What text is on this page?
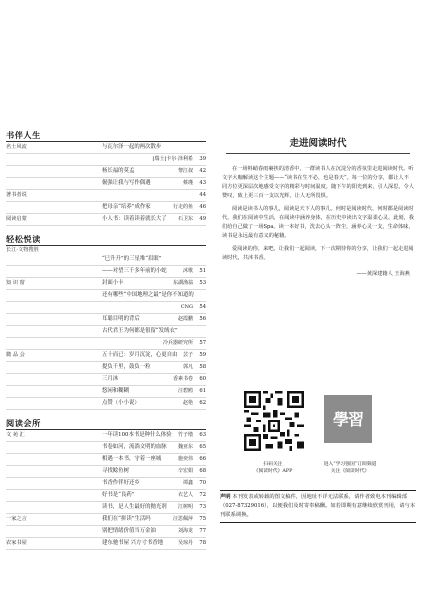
书伴人生
名士风流	与瓦尔泽一起的两次散步
[瑞士]卡尔·泽利希	39
杨长福的莫孟	黎江叔	42
倔强让我与写作偶遇	蔡瑾	43
著书者说	44
把母亲“培养”成作家	行走的鱼	46
阅读启蒙	小人书：读着读着就长大了 石卫东	49
轻松悦读
长江·文物搜胜
“巳升升”的三星堆“眉眼”
——对望三千多年前的小蛇	沐歌	51
知 识 窗	封面小卡	东湖渔翁	53
还有哪些“中国地理之最”是你不知道的
CNG	54
耳聪目明的背后	赵霞鹏	56
古代君王为何都是很留“发绒衣”
冷兵器研究所	57
微 品 会	五十而已：岁月沉淀，心更自由 芸子	59
提负千里，鼓负一粒	郭凡	58
三月沐	香素书卷	60
悠闲和糊糊	汪碧鸥	61
点赞（小小说）	赵艳	62
阅读会所
文 苑 汇	一年读100本书是种什么体验 竹子墩	63
书卷如河，流淌文明的血脉 魏亚东	65
相遇一本书，守着一座城	施奕伟	66
寻找鲶鱼树	辛宏娟	68
书香作伴好还乡	谭鑫	70
好书是“良药”	衣艺人	72
读书，是人生最好的抛光剂 江树明	73
一家之言	我们在“拼读”生活吗	汪思佩萍	75
别把情绪价值当万金油	刘海龙	77
农家书屋	建东驰书屋 兴方寸书香地	吴琼丹	78
走进阅读时代

在一场料峭春雨裹挟的清香中，一群读书人在沉淀分的香氛里走进阅读时代。听文字大咖解读这个主题——“读书在生不必，也是春天”。每一位的分享，都让人不同方位更深层次地感受文字的精彩与时间温度。随下午的阳光到来，引人深思，令人赞叹，致上更三百一支以光辉，让人无所畏惧。

阅读是读书人的事儿，阅读是天下人的事儿。何时是阅读时代，何时都是阅读时代。我们在阅读中生活，在阅读中涵养身体，在历史中读出文字温柔心灵。此刻，我们给自己做了一场Spa。读一本好书，洗去心头一阵尘，涵养心灵一支，生命体味，读书是永远最有意义的秘籍。

爱阅读的你，来吧，让我们一起阅读，下一次期待你的分享，让我们一起走进阅读时代，共沐书香。

——黄深建籍人 王海燕
學習
扫码关注
《阅读时代》APP
进入“学习强国”订阅频道
关注《阅读时代》
声明 本刊发表或转载的图文稿件，因地址不详无法联系，请作者致电本刊编辑部（027-87329016），以便我们及时寄奉稿酬。如若即期有意继续欣赏刊用，请与本刊联系调换。
